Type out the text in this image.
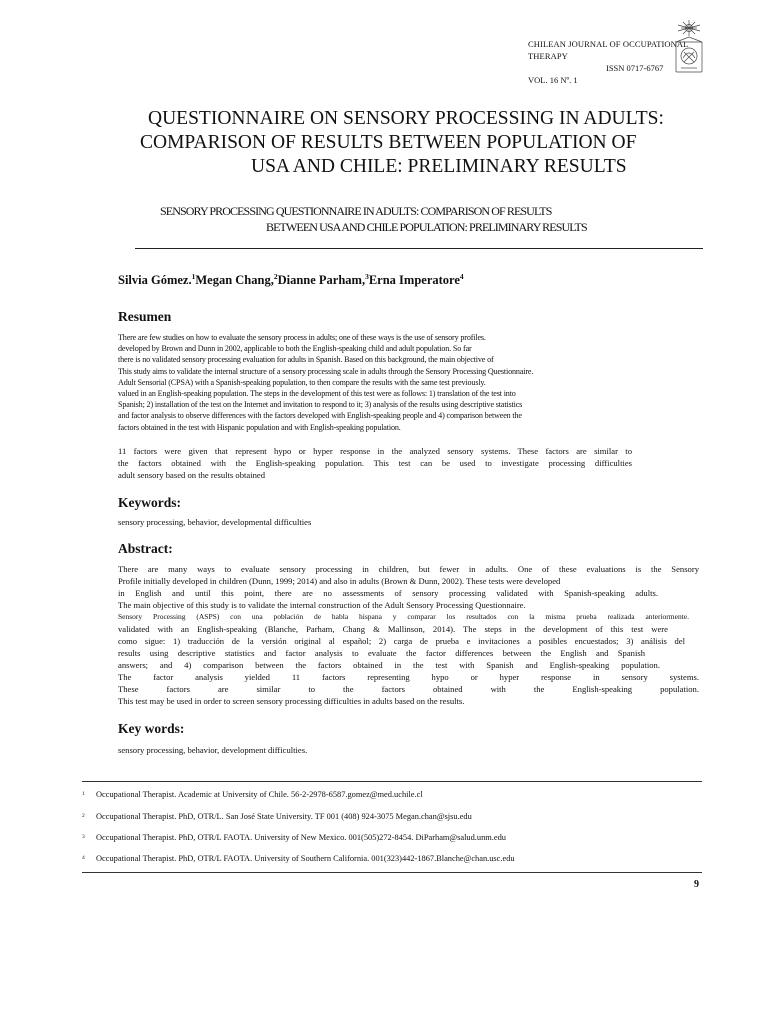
CHILEAN JOURNAL OF OCCUPATIONAL THERAPY
ISSN 0717-6767
VOL. 16 Nº. 1
QUESTIONNAIRE ON SENSORY PROCESSING IN ADULTS:
COMPARISON OF RESULTS BETWEEN POPULATION OF
USA AND CHILE: PRELIMINARY RESULTS
SENSORY PROCESSING QUESTIONNAIRE IN ADULTS: COMPARISON OF RESULTS
BETWEEN USA AND CHILE POPULATION: PRELIMINARY RESULTS
Silvia Gómez.$^1$Megan Chang,$^2$Dianne Parham,$^3$Erna Imperatore$^4$
Resumen
There are few studies on how to evaluate the sensory process in adults; one of these ways is the use of sensory profiles.
developed by Brown and Dunn in 2002, applicable to both the English-speaking child and adult population. So far
there is no validated sensory processing evaluation for adults in Spanish. Based on this background, the main objective of
This study aims to validate the internal structure of a sensory processing scale in adults through the Sensory Processing Questionnaire.
Adult Sensorial (CPSA) with a Spanish-speaking population, to then compare the results with the same test previously.
valued in an English-speaking population. The steps in the development of this test were as follows: 1) translation of the test into
Spanish; 2) installation of the test on the Internet and invitation to respond to it; 3) analysis of the results using descriptive statistics
and factor analysis to observe differences with the factors developed with English-speaking people and 4) comparison between the
factors obtained in the test with Hispanic population and with English-speaking population.
11 factors were given that represent hypo or hyper response in the analyzed sensory systems. These factors are similar to
the factors obtained with the English-speaking population. This test can be used to investigate processing difficulties
adult sensory based on the results obtained
Keywords:
sensory processing, behavior, developmental difficulties
Abstract:
There are many ways to evaluate sensory processing in children, but fewer in adults. One of these evaluations is the Sensory
Profile initially developed in children (Dunn, 1999; 2014) and also in adults (Brown & Dunn, 2002). These tests were developed
in English and until this point, there are no assessments of sensory processing validated with Spanish-speaking adults.
The main objective of this study is to validate the internal construction of the Adult Sensory Processing Questionnaire.
Sensory Processing (ASPS) con una población de habla hispana y comparar los resultados con la misma prueba realizada anteriormente.
validated with an English-speaking (Blanche, Parham, Chang & Mallinson, 2014). The steps in the development of this test were
como sigue: 1) traducción de la versión original al español; 2) carga de prueba e invitaciones a posibles encuestados; 3) análisis del
results using descriptive statistics and factor analysis to evaluate the factor differences between the English and Spanish
answers; and 4) comparison between the factors obtained in the test with Spanish and English-speaking population.
The factor analysis yielded 11 factors representing hypo or hyper response in sensory systems.
These factors are similar to the factors obtained with the English-speaking population.
This test may be used in order to screen sensory processing difficulties in adults based on the results.
Key words:
sensory processing, behavior, development difficulties.
1 Occupational Therapist. Academic at University of Chile. 56-2-2978-6587.gomez@med.uchile.cl
2 Occupational Therapist. PhD, OTR/L. San José State University. TF 001 (408) 924-3075 Megan.chan@sjsu.edu
3 Occupational Therapist. PhD, OTR/L FAOTA. University of New Mexico. 001(505)272-8454. DiParham@salud.unm.edu
4 Occupational Therapist. PhD, OTR/L FAOTA. University of Southern California. 001(323)442-1867.Blanche@chan.usc.edu
9
